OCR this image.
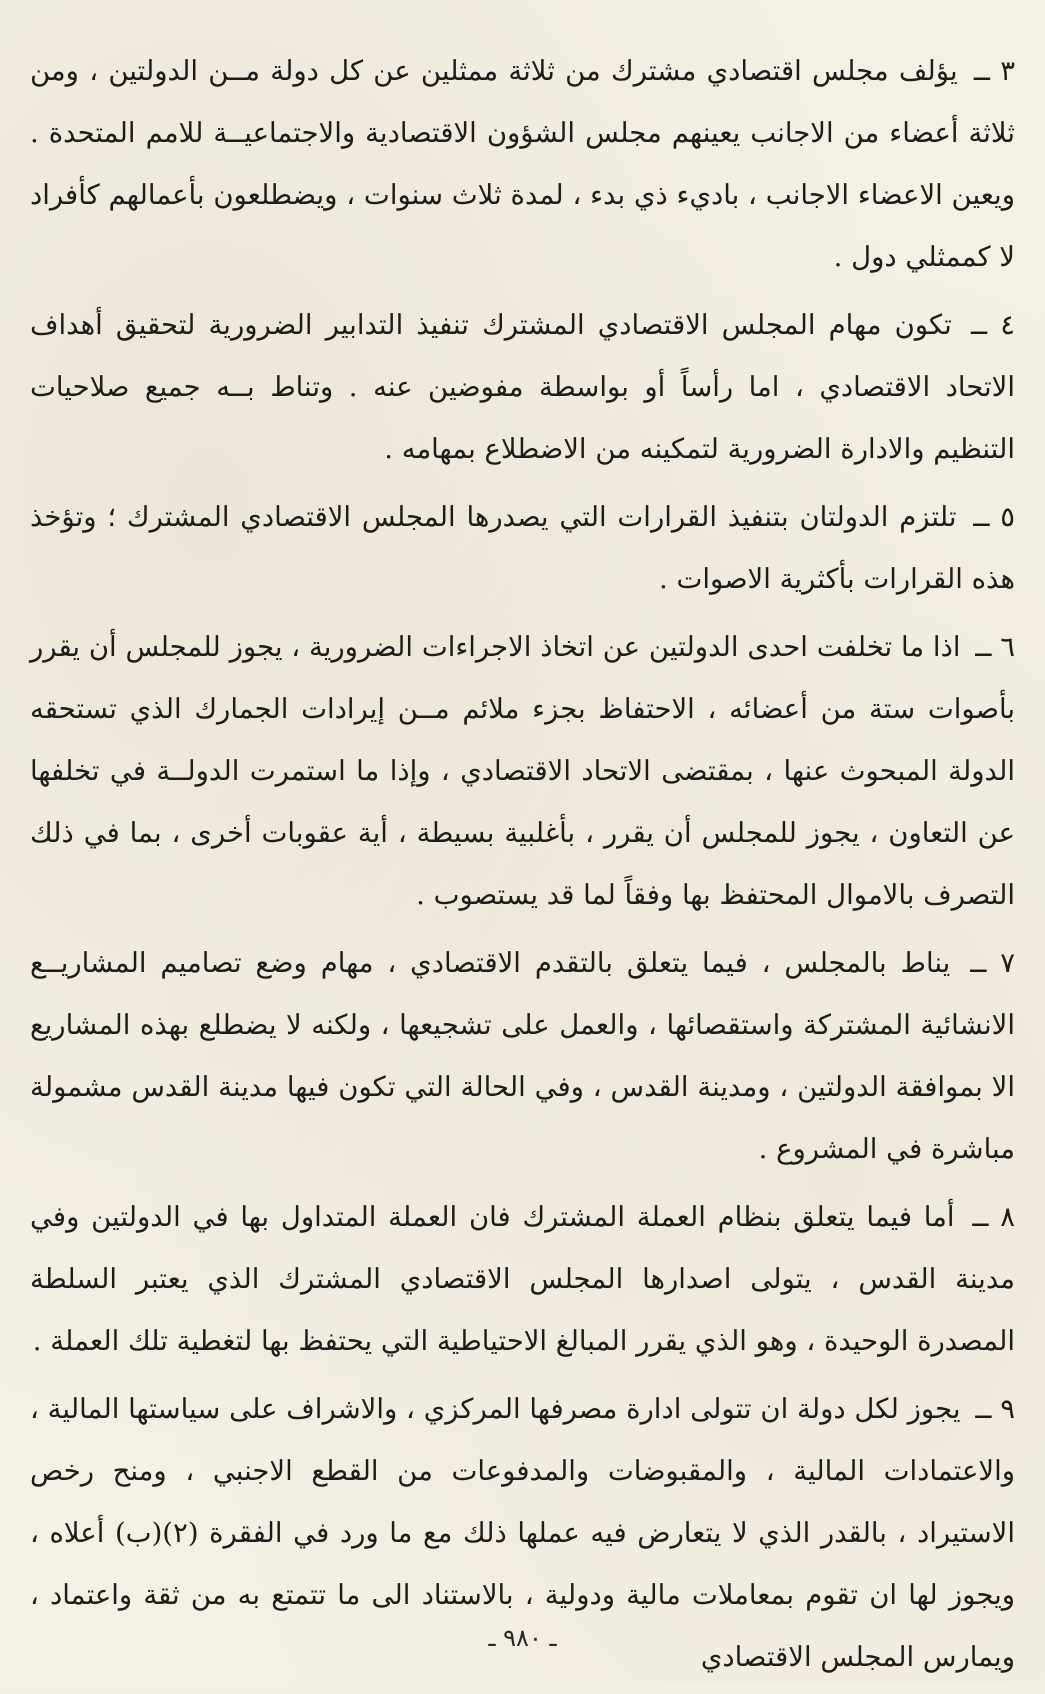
٣ ــ يؤلف مجلس اقتصادي مشترك من ثلاثة ممثلين عن كل دولة مــن الدولتين ، ومن ثلاثة أعضاء من الاجانب يعينهم مجلس الشؤون الاقتصادية والاجتماعيــة للامم المتحدة . ويعين الاعضاء الاجانب ، باديء ذي بدء ، لمدة ثلاث سنوات ، ويضطلعون بأعمالهم كأفراد لا كممثلي دول .

٤ ــ تكون مهام المجلس الاقتصادي المشترك تنفيذ التدابير الضرورية لتحقيق أهداف الاتحاد الاقتصادي ، اما رأساً أو بواسطة مفوضين عنه . وتناط بــه جميع صلاحيات التنظيم والادارة الضرورية لتمكينه من الاضطلاع بمهامه .

٥ ــ تلتزم الدولتان بتنفيذ القرارات التي يصدرها المجلس الاقتصادي المشترك ؛ وتؤخذ هذه القرارات بأكثرية الاصوات .

٦ ــ اذا ما تخلفت احدى الدولتين عن اتخاذ الاجراءات الضرورية ، يجوز للمجلس أن يقرر بأصوات ستة من أعضائه ، الاحتفاظ بجزء ملائم مــن إيرادات الجمارك الذي تستحقه الدولة المبحوث عنها ، بمقتضى الاتحاد الاقتصادي ، وإذا ما استمرت الدولــة في تخلفها عن التعاون ، يجوز للمجلس أن يقرر ، بأغلبية بسيطة ، أية عقوبات أخرى ، بما في ذلك التصرف بالاموال المحتفظ بها وفقاً لما قد يستصوب .

٧ ــ يناط بالمجلس ، فيما يتعلق بالتقدم الاقتصادي ، مهام وضع تصاميم المشاريــع الانشائية المشتركة واستقصائها ، والعمل على تشجيعها ، ولكنه لا يضطلع بهذه المشاريع الا بموافقة الدولتين ، ومدينة القدس ، وفي الحالة التي تكون فيها مدينة القدس مشمولة مباشرة في المشروع .

٨ ــ أما فيما يتعلق بنظام العملة المشترك فان العملة المتداول بها في الدولتين وفي مدينة القدس ، يتولى اصدارها المجلس الاقتصادي المشترك الذي يعتبر السلطة المصدرة الوحيدة ، وهو الذي يقرر المبالغ الاحتياطية التي يحتفظ بها لتغطية تلك العملة .

٩ ــ يجوز لكل دولة ان تتولى ادارة مصرفها المركزي ، والاشراف على سياستها المالية ، والاعتمادات المالية ، والمقبوضات والمدفوعات من القطع الاجنبي ، ومنح رخص الاستيراد ، بالقدر الذي لا يتعارض فيه عملها ذلك مع ما ورد في الفقرة (٢)(ب) أعلاه ، ويجوز لها ان تقوم بمعاملات مالية ودولية ، بالاستناد الى ما تتمتع به من ثقة واعتماد ، ويمارس المجلس الاقتصادي

ـ ٩٨٠ ـ
